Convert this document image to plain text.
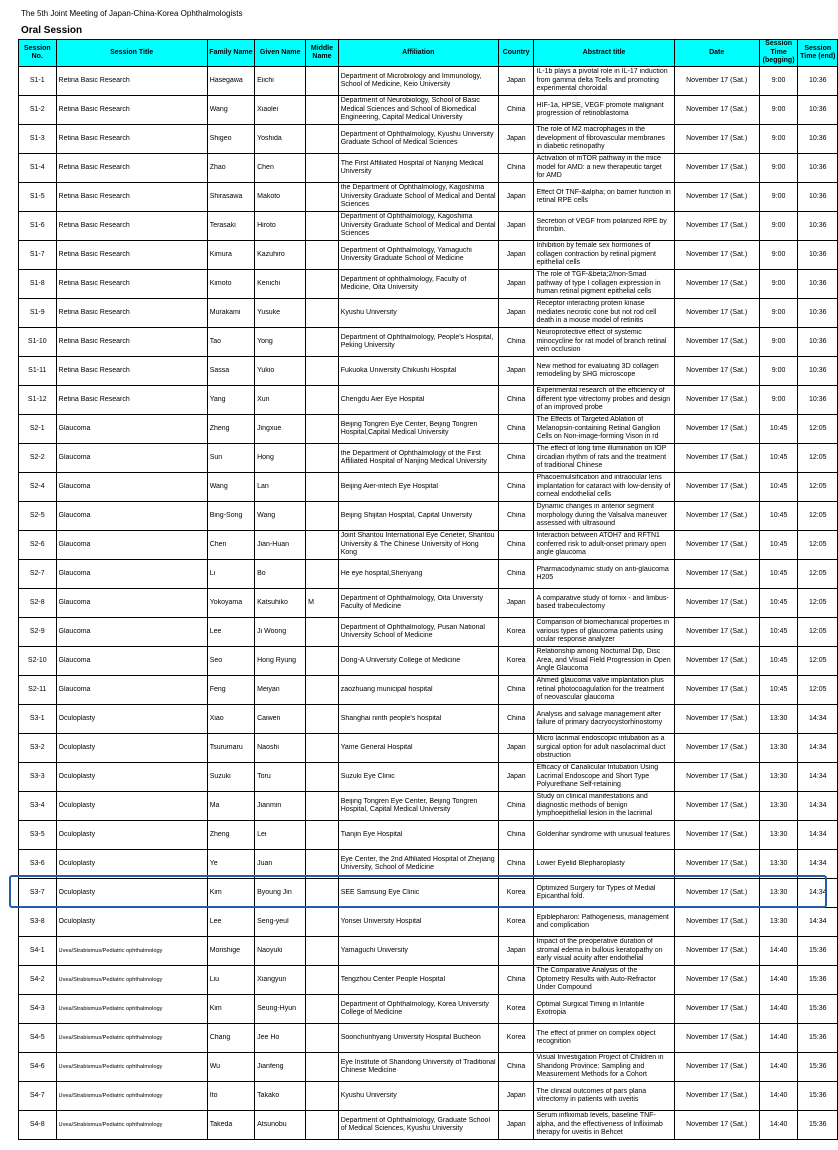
The 5th Joint Meeting of Japan-China-Korea Ophthalmologists
Oral Session
Session No.	Session Title	Family Name	Given Name	Middle Name	Affiliation	Country	Abstract title	Date	Session Time (begging)	Session Time (end)

S1-1	Retina Basic Research	Hasegawa	Eiichi		Department of Microbiology and Immunology, School of Medicine, Keio University	Japan	IL-1b plays a pivotal role in IL-17 induction from gamma delta Tcells and promoting experimental choroidal	November 17 (Sat.)	9:00	10:36

S1-2	Retina Basic Research	Wang	Xiaolei		Department of Neurobiology, School of Basic Medical Sciences and School of Biomedical Engineering, Capital Medical University	China	HIF-1a, HPSE, VEGF promote malignant progression of retinoblastoma	November 17 (Sat.)	9:00	10:36

S1-3	Retina Basic Research	Shigeo	Yoshida		Department of Ophthalmology, Kyushu University Graduate School of Medical Sciences	Japan	The role of M2 macrophages in the development of fibrovascular membranes in diabetic retinopathy	November 17 (Sat.)	9:00	10:36

S1-4	Retina Basic Research	Zhao	Chen		The First Affiliated Hospital of Nanjing Medical University	China	Activation of mTOR pathway in the mice model for AMD: a new therapeutic target for AMD	November 17 (Sat.)	9:00	10:36

S1-5	Retina Basic Research	Shirasawa	Makoto		the Department of Ophthalmology, Kagoshima University Graduate School of Medical and Dental Sciences	Japan	Effect Of TNF-&alpha; on barrier function in retinal RPE cells	November 17 (Sat.)	9:00	10:36

S1-6	Retina Basic Research	Terasaki	Hiroto		Department of Ophthalmology, Kagoshima University Graduate School of Medical and Dental Sciences	Japan	Secretion of VEGF from polarized RPE by thrombin.	November 17 (Sat.)	9:00	10:36

S1-7	Retina Basic Research	Kimura	Kazuhiro		Department of Ophthalmology, Yamaguchi University Graduate School of Medicine	Japan	Inhibition by female sex hormones of collagen contraction by retinal pigment epithelial cells	November 17 (Sat.)	9:00	10:36

S1-8	Retina Basic Research	Kimoto	Kenichi		Department of ophthalmology, Faculty of Medicine, Oita University	Japan	The role of TGF-&beta;2/non-Smad pathway of type I collagen expression in human retinal pigment epithelial cells	November 17 (Sat.)	9:00	10:36

S1-9	Retina Basic Research	Murakami	Yusuke		Kyushu University	Japan	Receptor interacting protein kinase mediates necrotic cone but not rod cell death in a mouse model of retinitis	November 17 (Sat.)	9:00	10:36

S1-10	Retina Basic Research	Tao	Yong		Department of Ophthalmology, People's Hospital, Peking University	China	Neuroprotective effect of systemic minocycline for rat model of branch retinal vein occlusion	November 17 (Sat.)	9:00	10:36

S1-11	Retina Basic Research	Sassa	Yukio		Fukuoka University Chikushi Hospital	Japan	New method for evaluating 3D collagen remodeling by SHG microscope	November 17 (Sat.)	9:00	10:36

S1-12	Retina Basic Research	Yang	Xun		Chengdu Aier Eye Hospital	China	Experimental research of the efficiency of different type vitrectomy probes and design of an improved probe	November 17 (Sat.)	9:00	10:36

S2-1	Glaucoma	Zheng	Jingxue		Beijing Tongren Eye Center, Beijing Tongren Hospital,Capital Medical University	China	The Effects of Targeted Ablation of Melanopsin-containing Retinal Ganglion Cells on Non-image-forming Vison in rd	November 17 (Sat.)	10:45	12:05

S2-2	Glaucoma	Sun	Hong		the Department of Ophthalmology of the First Affiliated Hospital of Nanjing Medical University	China	The effect of long time illumination on IOP circadian rhythm of rats and the treatment of traditional Chinese	November 17 (Sat.)	10:45	12:05

S2-4	Glaucoma	Wang	Lan		Beijing Aier-intech Eye Hospital	China	Phacoemulsification and intraocular lens implantation for cataract with low-density of corneal endothelial cells	November 17 (Sat.)	10:45	12:05

S2-5	Glaucoma	Bing-Song	Wang		Beijing Shijitan Hospital, Capital University	China	Dynamic changes in anterior segment morphology during the Valsalva maneuver assessed with ultrasound	November 17 (Sat.)	10:45	12:05

S2-6	Glaucoma	Chen	Jian-Huan		Joint Shantou International Eye Ceneter, Shantou University & The Chinese University of Hong Kong	China	Interaction between ATOH7 and RFTN1 conferred risk to adult-onset primary open angle glaucoma	November 17 (Sat.)	10:45	12:05

S2-7	Glaucoma	Li	Bo		He eye hospital,Shenyang	China	Pharmacodynamic study on anti-glaucoma H205	November 17 (Sat.)	10:45	12:05

S2-8	Glaucoma	Yokoyama	Katsuhiko	M	Department of Ophthalmology, Oita University Faculty of Medicine	Japan	A comparative study of fornix - and limbus- based trabeculectomy	November 17 (Sat.)	10:45	12:05

S2-9	Glaucoma	Lee	Ji Woong		Department of Ophthalmology, Pusan National University School of Medicine	Korea	Comparison of biomechanical properties in various types of glaucoma patients using ocular response analyzer	November 17 (Sat.)	10:45	12:05

S2-10	Glaucoma	Seo	Hong Ryung		Dong-A University College of Medicine	Korea	Relationship among Nocturnal Dip, Disc Area, and Visual Field Progression in Open Angle Glaucoma	November 17 (Sat.)	10:45	12:05

S2-11	Glaucoma	Feng	Meiyan		zaozhuang municipal hospital	China	Ahmed glaucoma valve implantation plus retinal photocoagulation for the treatment of neovascular glaucoma	November 17 (Sat.)	10:45	12:05

S3-1	Oculoplasty	Xiao	Caiwen		Shanghai ninth people's hospital	China	Analysis and salvage management after failure of primary dacryocystorhinostomy	November 17 (Sat.)	13:30	14:34

S3-2	Oculoplasty	Tsurumaru	Naoshi		Yame General Hospital	Japan	Micro lacrimal endoscopic intubation as a surgical option for adult nasolacrimal duct obstruction	November 17 (Sat.)	13:30	14:34

S3-3	Oculoplasty	Suzuki	Toru		Suzuki Eye Clinic	Japan	Efficacy of Canalicular Intubation Using Lacrimal Endoscope and Short Type Polyurethane Self-retaining	November 17 (Sat.)	13:30	14:34

S3-4	Oculoplasty	Ma	Jianmin		Beijing Tongren Eye Center, Beijing Tongren Hospital, Capital Medical University	China	Study on clinical manifestations and diagnostic methods of benign lymphoepithelial lesion in the lacrimal	November 17 (Sat.)	13:30	14:34

S3-5	Oculoplasty	Zheng	Lei		Tianjin Eye Hospital	China	Goldenhar syndrome with unusual features	November 17 (Sat.)	13:30	14:34

S3-6	Oculoplasty	Ye	Juan		Eye Center, the 2nd Affiliated Hospital of Zhejiang University, School of Medicine	China	Lower Eyelid Blepharoplasty	November 17 (Sat.)	13:30	14:34

S3-7	Oculoplasty	Kim	Byoung Jin		SEE Samsung Eye Clinic	Korea	Optimized Surgery for Types of Medial Epicanthal fold.	November 17 (Sat.)	13:30	14:34

S3-8	Oculoplasty	Lee	Seng-yeul		Yonsei University Hospital	Korea	Epiblepharon: Pathogenesis, management and complication	November 17 (Sat.)	13:30	14:34

S4-1	Uvea/Strabismus/Pediatric ophthalmology	Morishige	Naoyuki		Yamaguchi University	Japan	Impact of the preoperative duration of stromal edema in bullous keratopathy on early visual acuity after endothelial	November 17 (Sat.)	14:40	15:36

S4-2	Uvea/Strabismus/Pediatric ophthalmology	Liu	Xiangyun		Tengzhou Center People Hospital	China	The Comparative Analysis of the Optometry Results with Auto-Refractor Under Compound	November 17 (Sat.)	14:40	15:36

S4-3	Uvea/Strabismus/Pediatric ophthalmology	Kim	Seung-Hyun		Department of Ophthalmology, Korea University College of Medicine	Korea	Optimal Surgical Timing in Infantile Exotropia	November 17 (Sat.)	14:40	15:36

S4-5	Uvea/Strabismus/Pediatric ophthalmology	Chang	Jee Ho		Soonchunhyang University Hospital Bucheon	Korea	The effect of primer on complex object recognition	November 17 (Sat.)	14:40	15:36

S4-6	Uvea/Strabismus/Pediatric ophthalmology	Wu	Jianfeng		Eye Institute of Shandong University of Traditional Chinese Medicine	China	Visual Investigation Project of Children in Shandong Province: Sampling and Measurement Methods for a Cohort	November 17 (Sat.)	14:40	15:36

S4-7	Uvea/Strabismus/Pediatric ophthalmology	Ito	Takako		Kyushu University	Japan	The clinical outcomes of pars plana vitrectomy in patients with uveitis	November 17 (Sat.)	14:40	15:36

S4-8	Uvea/Strabismus/Pediatric ophthalmology	Takeda	Atsunobu		Department of Ophthalmology, Graduate School of Medical Sciences, Kyushu University	Japan	Serum infliximab levels, baseline TNF-alpha, and the effectiveness of Infliximab therapy for uveitis in Behcet	November 17 (Sat.)	14:40	15:36
